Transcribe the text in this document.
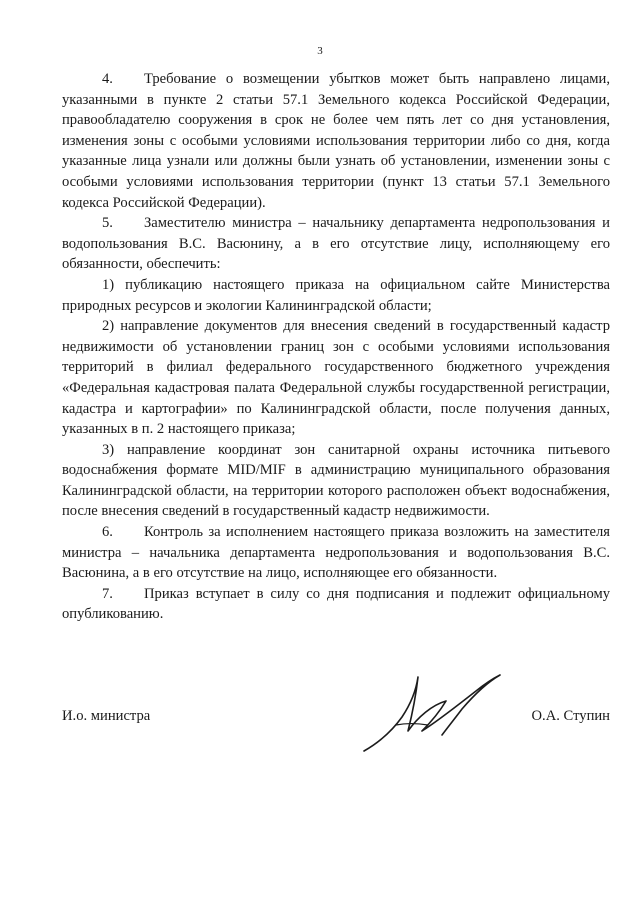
3

4. Требование о возмещении убытков может быть направлено лицами, указанными в пункте 2 статьи 57.1 Земельного кодекса Российской Федерации, правообладателю сооружения в срок не более чем пять лет со дня установления, изменения зоны с особыми условиями использования территории либо со дня, когда указанные лица узнали или должны были узнать об установлении, изменении зоны с особыми условиями использования территории (пункт 13 статьи 57.1 Земельного кодекса Российской Федерации).

5. Заместителю министра – начальнику департамента недропользования и водопользования В.С. Васюнину, а в его отсутствие лицу, исполняющему его обязанности, обеспечить:

1) публикацию настоящего приказа на официальном сайте Министерства природных ресурсов и экологии Калининградской области;

2) направление документов для внесения сведений в государственный кадастр недвижимости об установлении границ зон с особыми условиями использования территорий в филиал федерального государственного бюджетного учреждения «Федеральная кадастровая палата Федеральной службы государственной регистрации, кадастра и картографии» по Калининградской области, после получения данных, указанных в п. 2 настоящего приказа;

3) направление координат зон санитарной охраны источника питьевого водоснабжения формате MID/MIF в администрацию муниципального образования Калининградской области, на территории которого расположен объект водоснабжения, после внесения сведений в государственный кадастр недвижимости.

6. Контроль за исполнением настоящего приказа возложить на заместителя министра – начальника департамента недропользования и водопользования В.С. Васюнина, а в его отсутствие на лицо, исполняющее его обязанности.

7. Приказ вступает в силу со дня подписания и подлежит официальному опубликованию.

И.о. министра	О.А. Ступин
